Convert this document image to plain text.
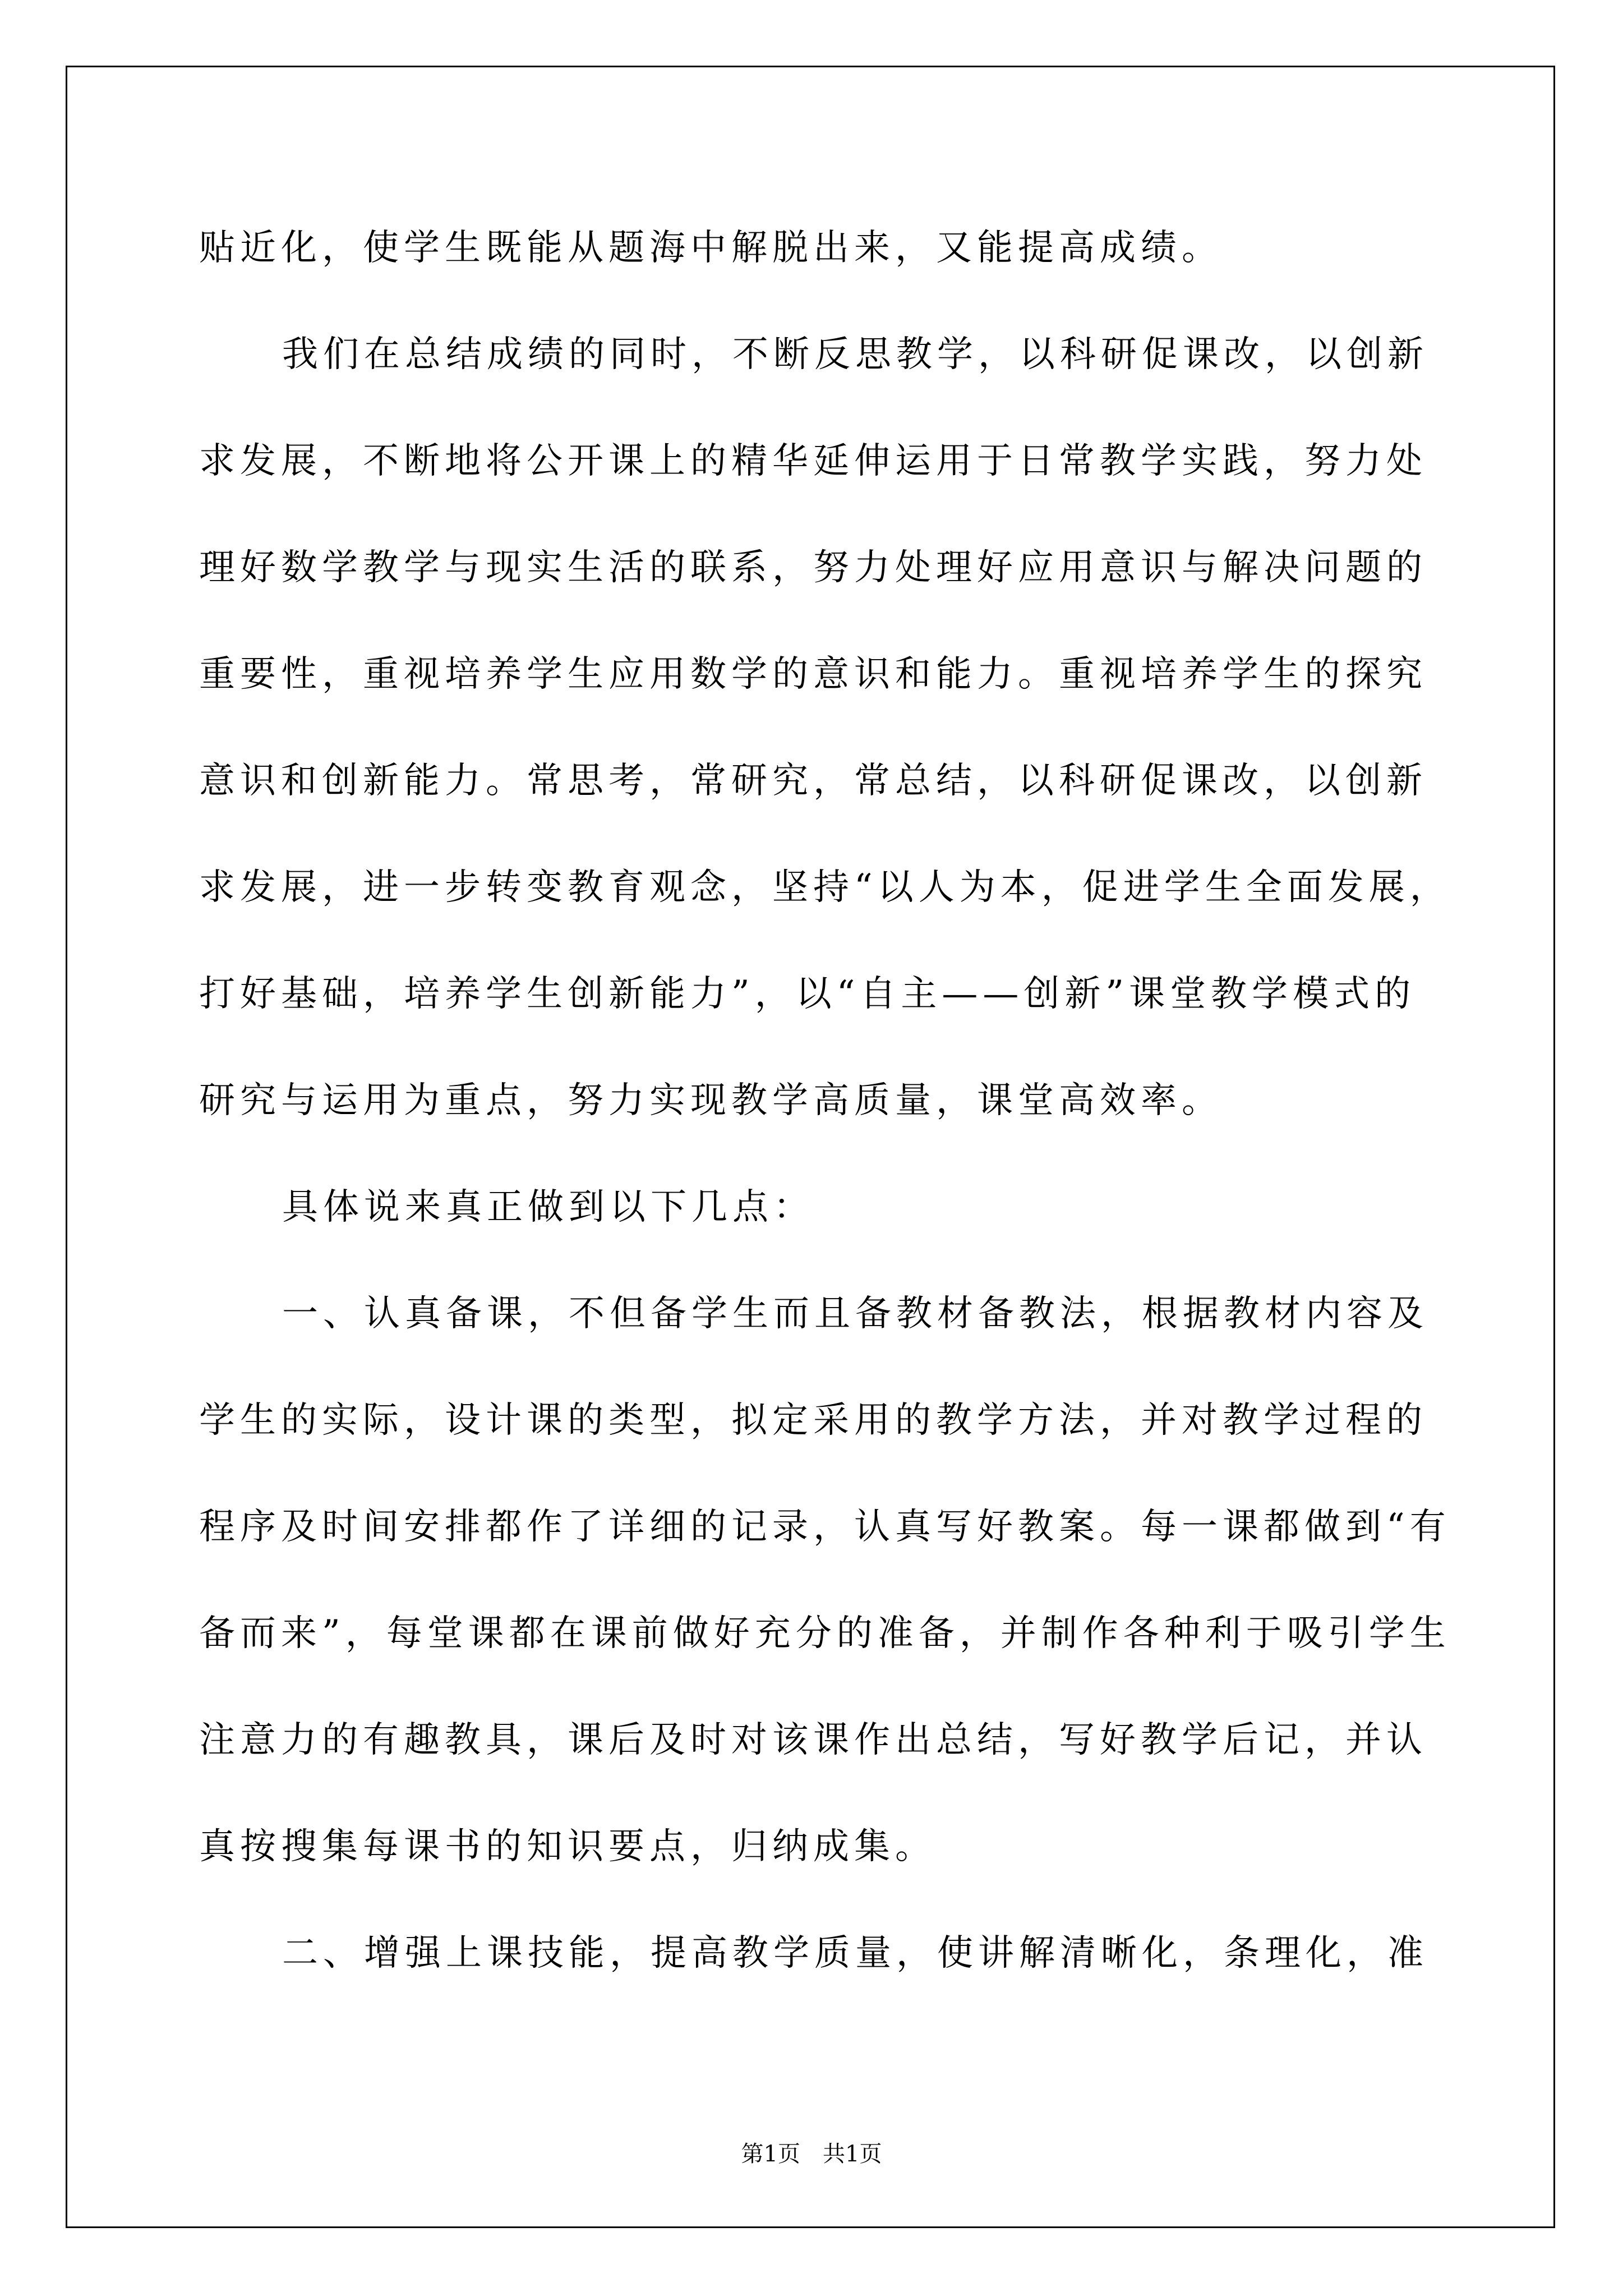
贴近化，使学生既能从题海中解脱出来，又能提高成绩。
我们在总结成绩的同时，不断反思教学，以科研促课改，以创新
求发展，不断地将公开课上的精华延伸运用于日常教学实践，努力处
理好数学教学与现实生活的联系，努力处理好应用意识与解决问题的
重要性，重视培养学生应用数学的意识和能力。重视培养学生的探究
意识和创新能力。常思考，常研究，常总结，以科研促课改，以创新
求发展，进一步转变教育观念，坚持“以人为本，促进学生全面发展，
打好基础，培养学生创新能力”，以“自主——创新”课堂教学模式的
研究与运用为重点，努力实现教学高质量，课堂高效率。
具体说来真正做到以下几点：
一、认真备课，不但备学生而且备教材备教法，根据教材内容及
学生的实际，设计课的类型，拟定采用的教学方法，并对教学过程的
程序及时间安排都作了详细的记录，认真写好教案。每一课都做到“有
备而来”，每堂课都在课前做好充分的准备，并制作各种利于吸引学生
注意力的有趣教具，课后及时对该课作出总结，写好教学后记，并认
真按搜集每课书的知识要点，归纳成集。
二、增强上课技能，提高教学质量，使讲解清晰化，条理化，准
第1页 共1页
